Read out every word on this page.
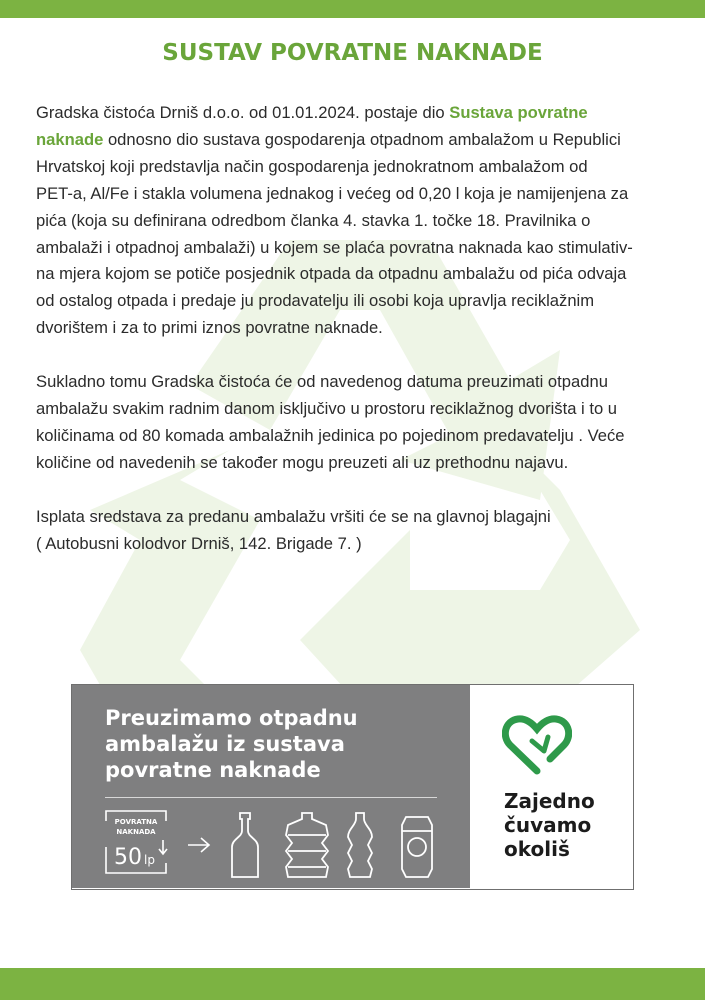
SUSTAV POVRATNE NAKNADE

Gradska čistoća Drniš d.o.o. od 01.01.2024. postaje dio Sustava povratne
naknade odnosno dio sustava gospodarenja otpadnom ambalažom u Republici
Hrvatskoj koji predstavlja način gospodarenja jednokratnom ambalažom od
PET-a, Al/Fe i stakla volumena jednakog i većeg od 0,20 l koja je namijenjena za
pića (koja su definirana odredbom članka 4. stavka 1. točke 18. Pravilnika o
ambalaži i otpadnoj ambalaži) u kojem se plaća povratna naknada kao stimulativ-
na mjera kojom se potiče posjednik otpada da otpadnu ambalažu od pića odvaja
od ostalog otpada i predaje ju prodavatelju ili osobi koja upravlja reciklažnim
dvorištem i za to primi iznos povratne naknade.

Sukladno tomu Gradska čistoća će od navedenog datuma preuzimati otpadnu
ambalažu svakim radnim danom isključivo u prostoru reciklažnog dvorišta i to u
količinama od 80 komada ambalažnih jedinica po pojedinom predavatelju . Veće
količine od navedenih se također mogu preuzeti ali uz prethodnu najavu.

Isplata sredstava za predanu ambalažu vršiti će se na glavnoj blagajni
( Autobusni kolodvor Drniš, 142. Brigade 7. )

Preuzimamo otpadnu
ambalažu iz sustava
povratne naknade
POVRATNA
NAKNADA
50 lp
Zajedno
čuvamo
okoliš
